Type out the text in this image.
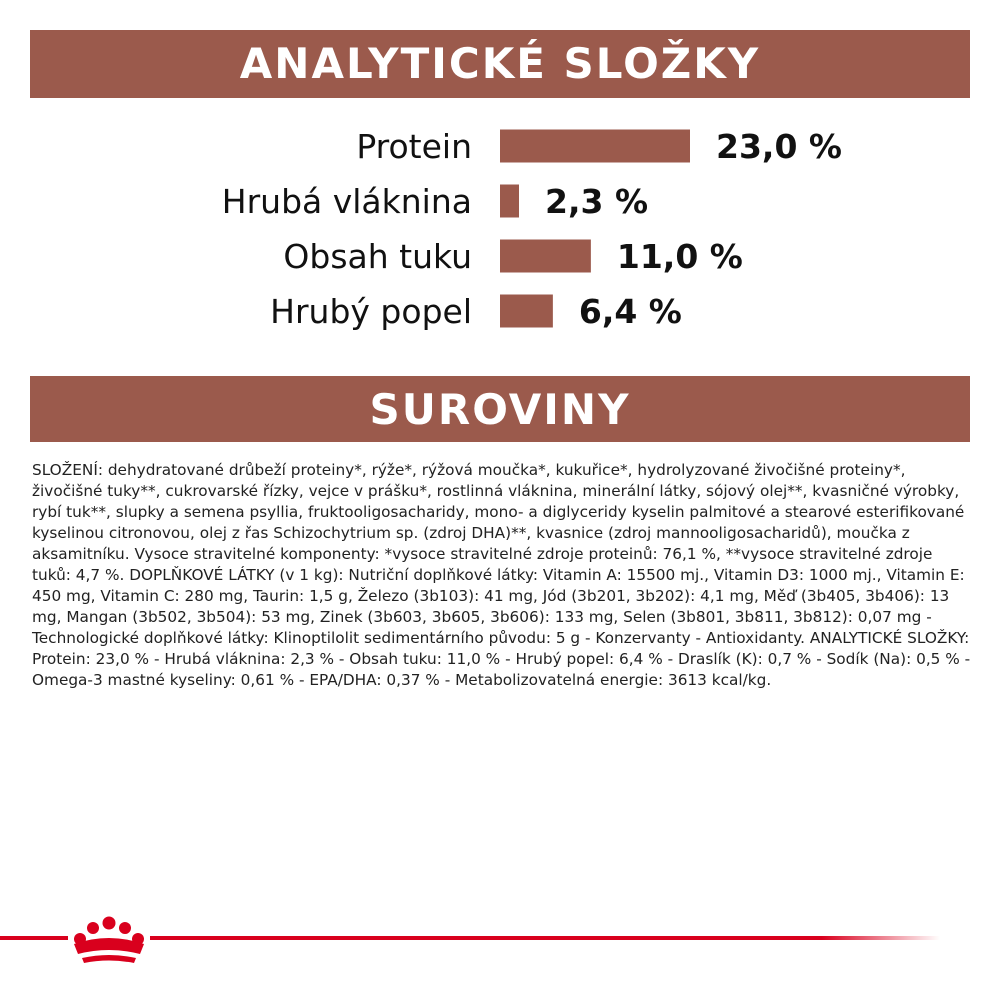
ANALYTICKÉ SLOŽKY
Protein	23,0 %
Hrubá vláknina 2,3 %
Obsah tuku	11,0 %
Hrubý popel	6,4 %
SUROVINY

SLOŽENÍ: dehydratované drůbeží proteiny*, rýže*, rýžová moučka*, kukuřice*, hydrolyzované živočišné proteiny*, živočišné tuky**, cukrovarské řízky, vejce v prášku*, rostlinná vláknina, minerální látky, sójový olej**, kvasničné výrobky, rybí tuk**, slupky a semena psyllia, fruktooligosacharidy, mono- a diglyceridy kyselin palmitové a stearové esterifikované kyselinou citronovou, olej z řas Schizochytrium sp. (zdroj DHA)**, kvasnice (zdroj mannooligosacharidů), moučka z aksamitníku. Vysoce stravitelné komponenty: *vysoce stravitelné zdroje proteinů: 76,1 %, **vysoce stravitelné zdroje tuků: 4,7 %. DOPLŇKOVÉ LÁTKY (v 1 kg): Nutriční doplňkové látky: Vitamin A: 15500 mj., Vitamin D3: 1000 mj., Vitamin E: 450 mg, Vitamin C: 280 mg, Taurin: 1,5 g, Železo (3b103): 41 mg, Jód (3b201, 3b202): 4,1 mg, Měď (3b405, 3b406): 13 mg, Mangan (3b502, 3b504): 53 mg, Zinek (3b603, 3b605, 3b606): 133 mg, Selen (3b801, 3b811, 3b812): 0,07 mg - Technologické doplňkové látky: Klinoptilolit sedimentárního původu: 5 g - Konzervanty - Antioxidanty. ANALYTICKÉ SLOŽKY: Protein: 23,0 % - Hrubá vláknina: 2,3 % - Obsah tuku: 11,0 % - Hrubý popel: 6,4 % - Draslík (K): 0,7 % - Sodík (Na): 0,5 % - Omega-3 mastné kyseliny: 0,61 % - EPA/DHA: 0,37 % - Metabolizovatelná energie: 3613 kcal/kg.
